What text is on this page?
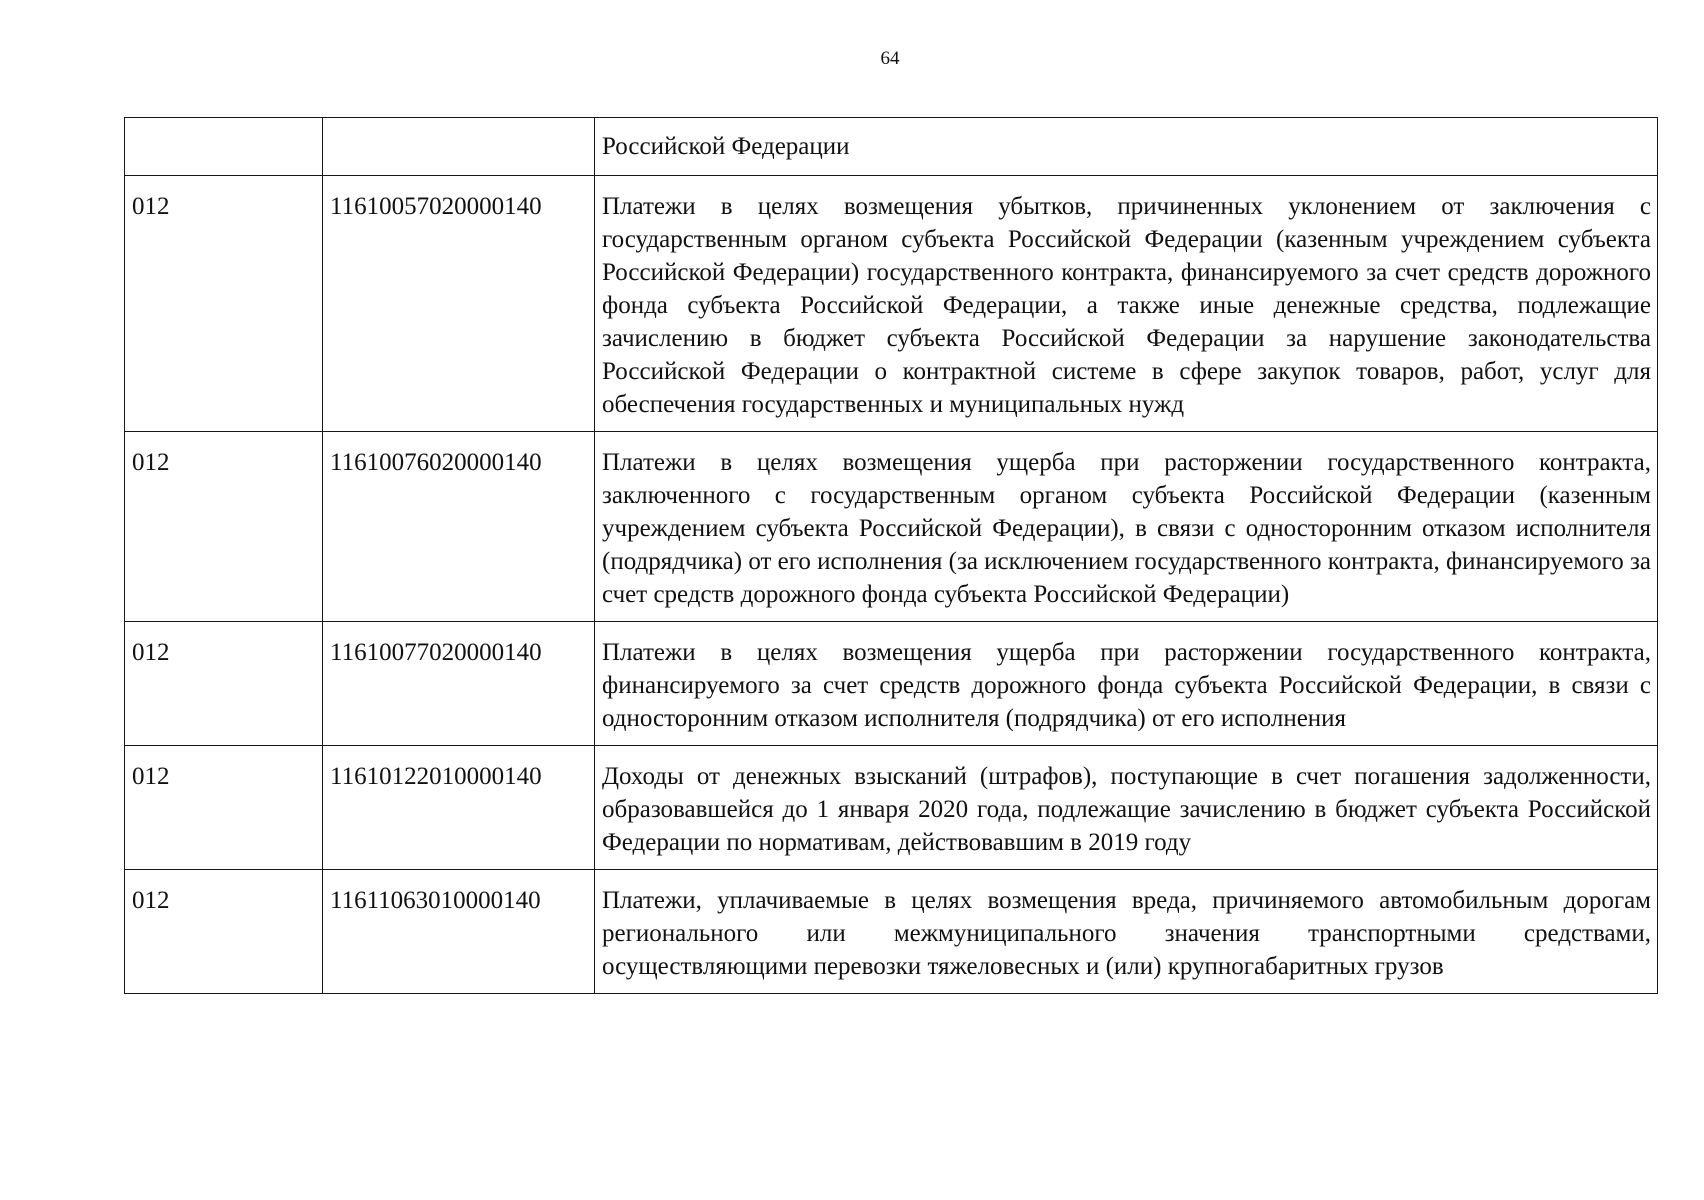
64
		Российской Федерации
012	11610057020000140	Платежи в целях возмещения убытков, причиненных уклонением от заключения с государственным органом субъекта Российской Федерации (казенным учреждением субъекта Российской Федерации) государственного контракта, финансируемого за счет средств дорожного фонда субъекта Российской Федерации, а также иные денежные средства, подлежащие зачислению в бюджет субъекта Российской Федерации за нарушение законодательства Российской Федерации о контрактной системе в сфере закупок товаров, работ, услуг для обеспечения государственных и муниципальных нужд
012	11610076020000140	Платежи в целях возмещения ущерба при расторжении государственного контракта, заключенного с государственным органом субъекта Российской Федерации (казенным учреждением субъекта Российской Федерации), в связи с односторонним отказом исполнителя (подрядчика) от его исполнения (за исключением государственного контракта, финансируемого за счет средств дорожного фонда субъекта Российской Федерации)
012	11610077020000140	Платежи в целях возмещения ущерба при расторжении государственного контракта, финансируемого за счет средств дорожного фонда субъекта Российской Федерации, в связи с односторонним отказом исполнителя (подрядчика) от его исполнения
012	11610122010000140	Доходы от денежных взысканий (штрафов), поступающие в счет погашения задолженности, образовавшейся до 1 января 2020 года, подлежащие зачислению в бюджет субъекта Российской Федерации по нормативам, действовавшим в 2019 году
012	11611063010000140	Платежи, уплачиваемые в целях возмещения вреда, причиняемого автомобильным дорогам регионального или межмуниципального значения транспортными средствами, осуществляющими перевозки тяжеловесных и (или) крупногабаритных грузов
